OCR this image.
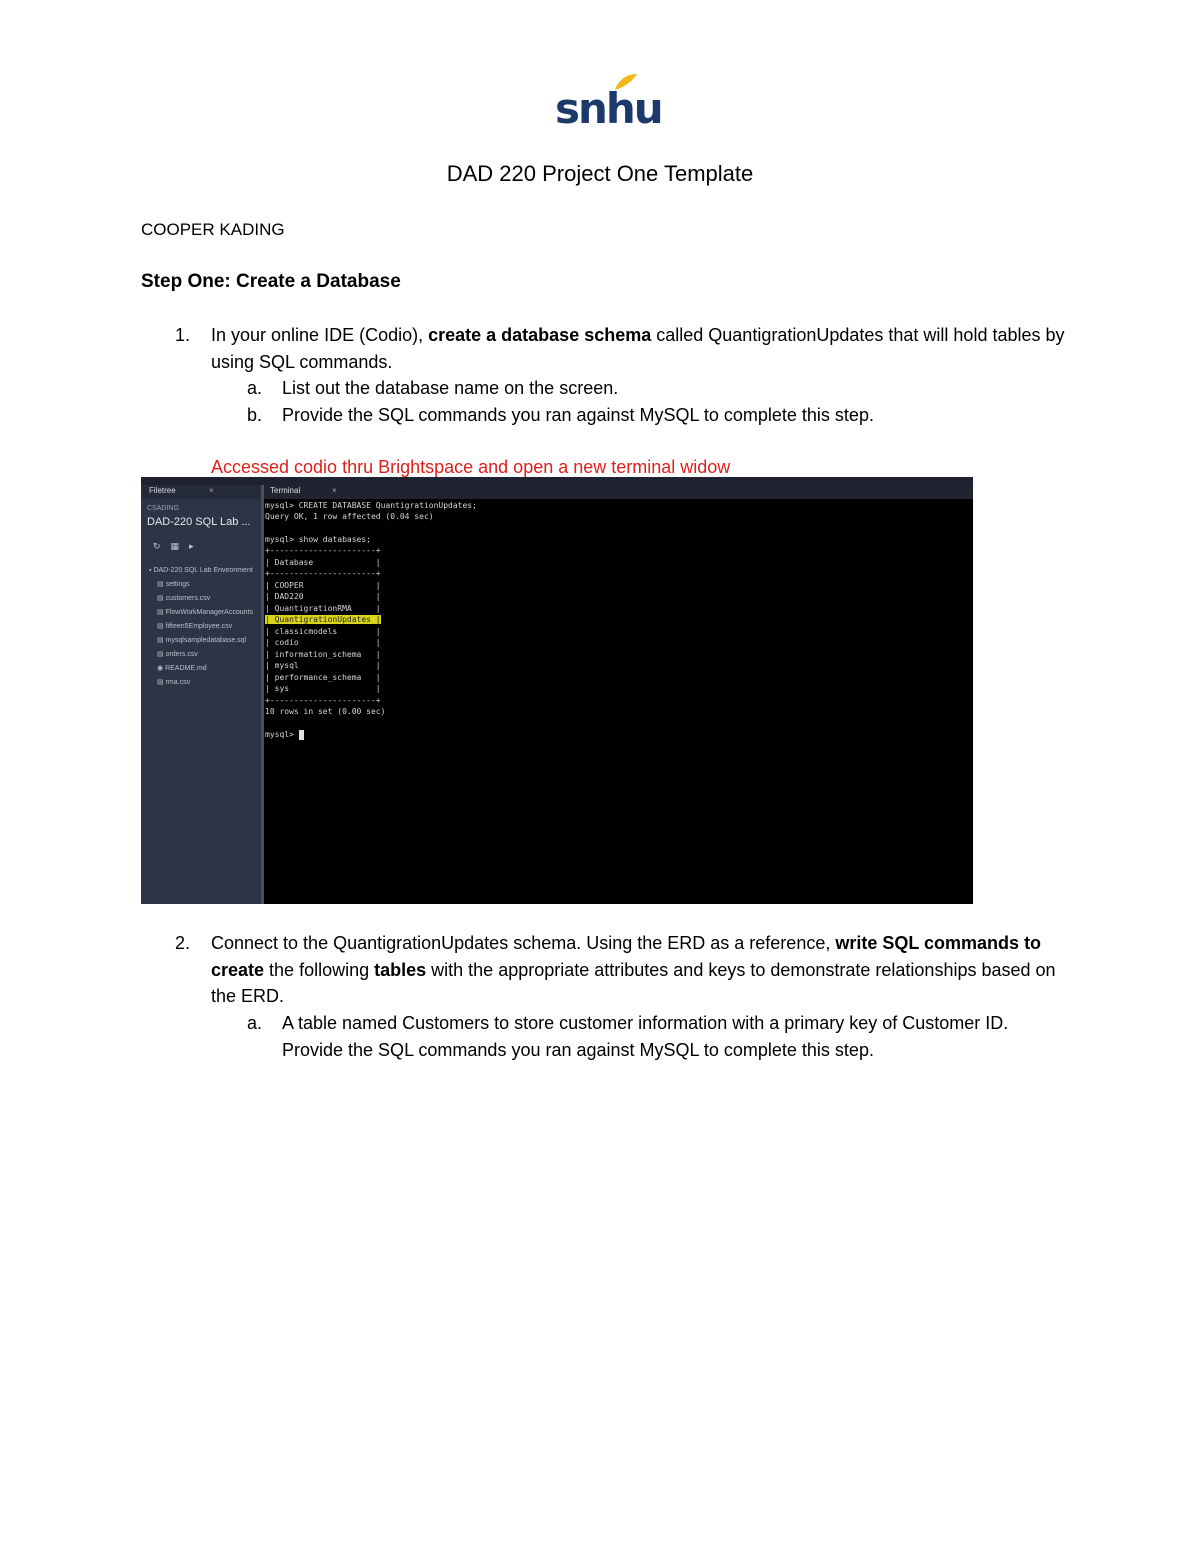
snhu
DAD 220 Project One Template
COOPER KADING
Step One: Create a Database
1. In your online IDE (Codio), create a database schema called QuantigrationUpdates that will hold tables by using SQL commands.
a. List out the database name on the screen.
b. Provide the SQL commands you ran against MySQL to complete this step.
Accessed codio thru Brightspace and open a new terminal widow
Filetree	×
CSADING
DAD-220 SQL Lab ...
↻▦▸
▪ DAD-220 SQL Lab Environment
▤ settings
▤ customers.csv
▤ FlowWorkManagerAccounts
▤ fifteen5Employee.csv
▤ mysqlsampledatabase.sql
▤ orders.csv
◉ README.md
▤ rma.csv
Terminal	×
mysql> CREATE DATABASE QuantigrationUpdates;
Query OK, 1 row affected (0.04 sec)
mysql> show databases;
+----------------------+
| Database             |
+----------------------+
| COOPER               |
| DAD220               |
| QuantigrationRMA     |
| QuantigrationUpdates |
| classicmodels        |
| codio                |
| information_schema   |
| mysql                |
| performance_schema   |
| sys                  |
+----------------------+
10 rows in set (0.00 sec)
mysql>
2. Connect to the QuantigrationUpdates schema. Using the ERD as a reference, write SQL commands to create the following tables with the appropriate attributes and keys to demonstrate relationships based on the ERD.
a. A table named Customers to store customer information with a primary key of Customer ID. Provide the SQL commands you ran against MySQL to complete this step.
